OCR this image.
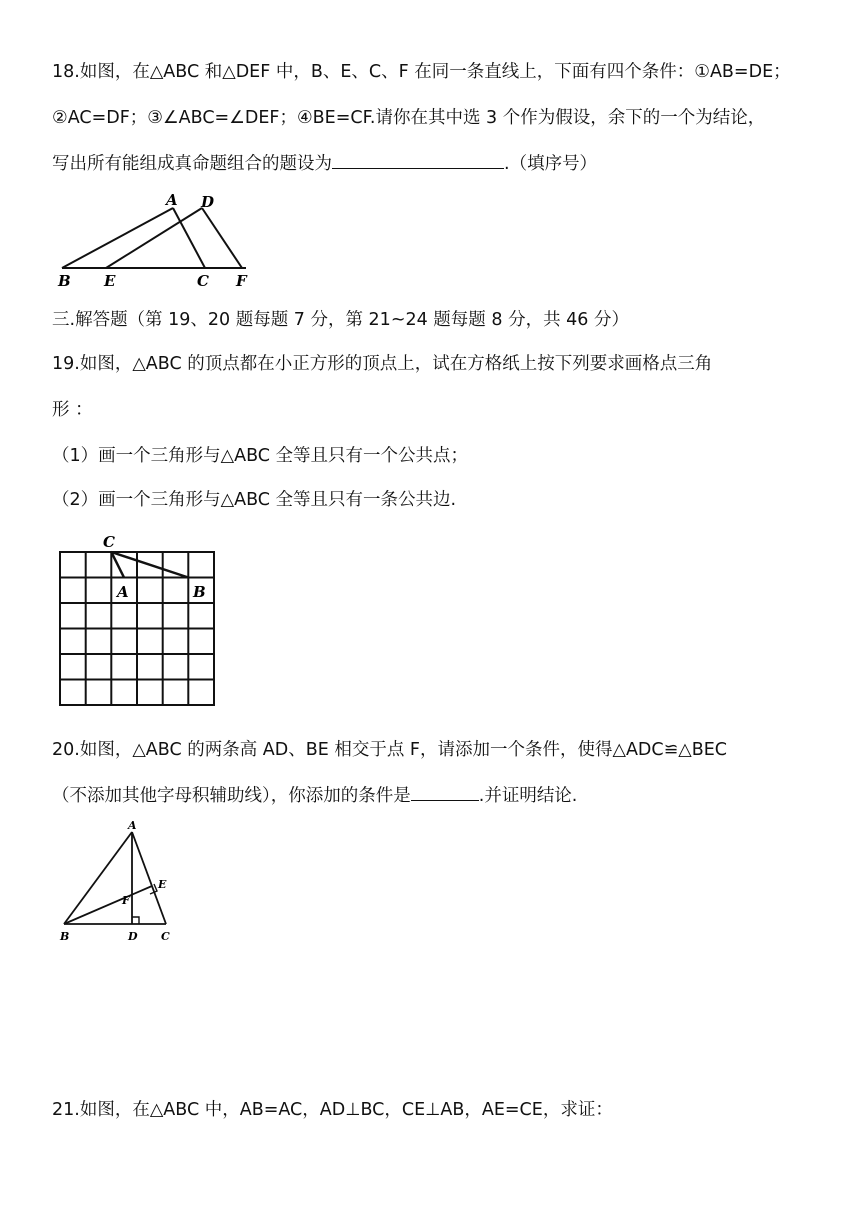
18.如图，在△ABC 和△DEF 中，B、E、C、F 在同一条直线上，下面有四个条件：①AB=DE；
②AC=DF；③∠ABC=∠DEF；④BE=CF.请你在其中选 3 个作为假设，余下的一个为结论，
写出所有能组成真命题组合的题设为	.（填序号）
A D
B E	C F
三.解答题（第 19、20 题每题 7 分，第 21~24 题每题 8 分，共 46 分）
19.如图，△ABC 的顶点都在小正方形的顶点上，试在方格纸上按下列要求画格点三角
形 ：
（1）画一个三角形与△ABC 全等且只有一个公共点；
（2）画一个三角形与△ABC 全等且只有一条公共边.
C
A	B
20.如图，△ABC 的两条高 AD、BE 相交于点 F，请添加一个条件，使得△ADC≌△BEC
（不添加其他字母积辅助线），你添加的条件是	.并证明结论.
A
E
F
B	D C
21.如图，在△ABC 中，AB=AC，AD⊥BC，CE⊥AB，AE=CE，求证：
